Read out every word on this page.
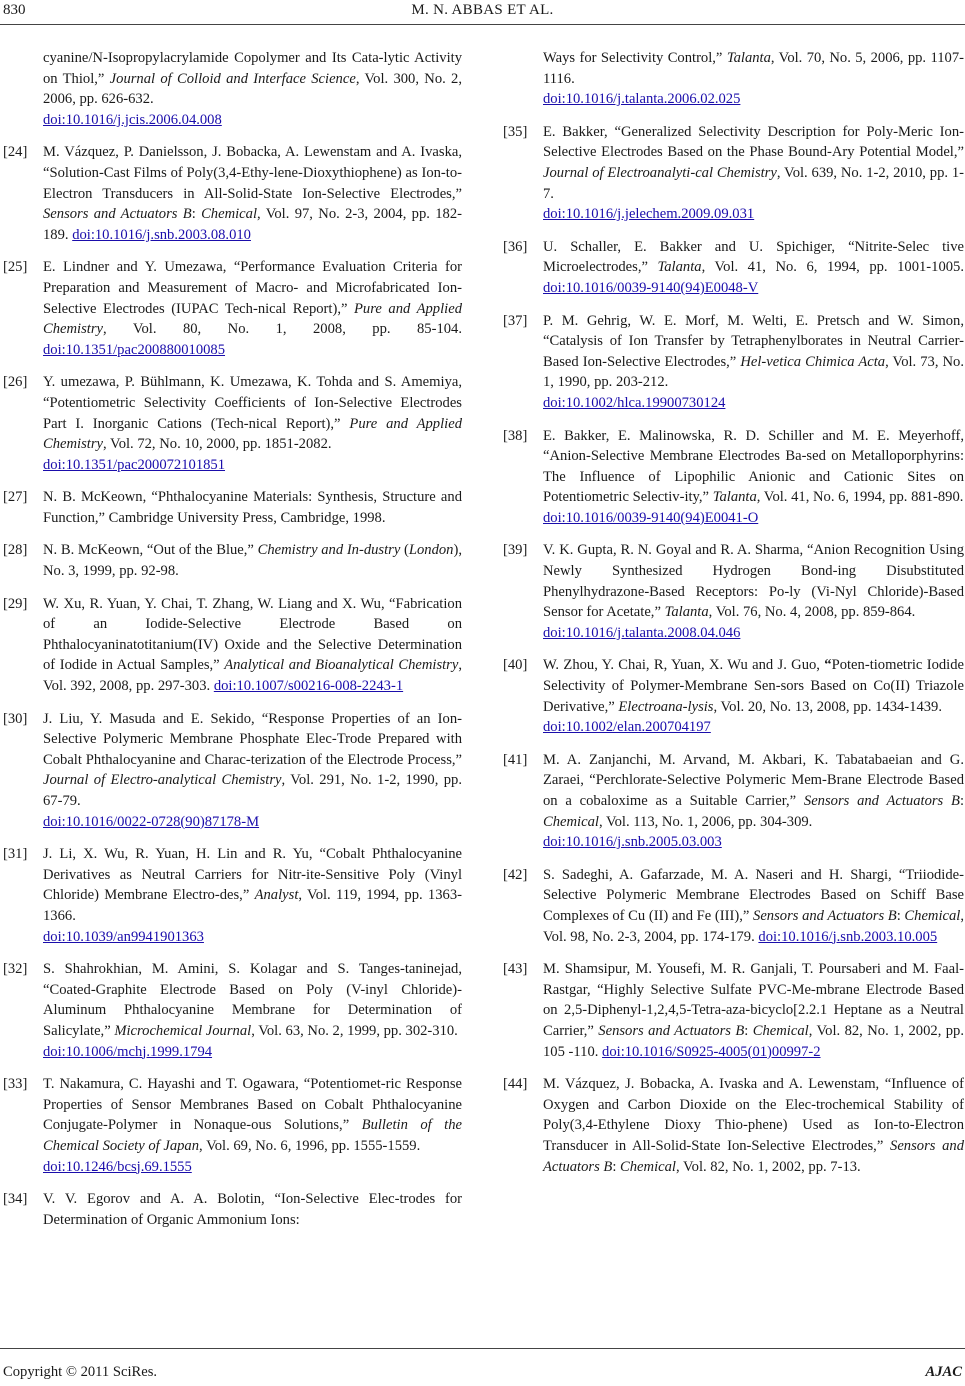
830	M. N. ABBAS ET AL.
cyanine/N-Isopropylacrylamide Copolymer and Its Cata-lytic Activity on Thiol,” Journal of Colloid and Interface Science, Vol. 300, No. 2, 2006, pp. 626-632.
doi:10.1016/j.jcis.2006.04.008
[24] M. Vázquez, P. Danielsson, J. Bobacka, A. Lewenstam and A. Ivaska, “Solution-Cast Films of Poly(3,4-Ethy-lene-Dioxythiophene) as Ion-to-Electron Transducers in All-Solid-State Ion-Selective Electrodes,” Sensors and Actuators B: Chemical, Vol. 97, No. 2-3, 2004, pp. 182-189. doi:10.1016/j.snb.2003.08.010
[25] E. Lindner and Y. Umezawa, “Performance Evaluation Criteria for Preparation and Measurement of Macro- and Microfabricated Ion-Selective Electrodes (IUPAC Tech-nical Report),” Pure and Applied Chemistry, Vol. 80, No. 1, 2008, pp. 85-104. doi:10.1351/pac200880010085
[26] Y. umezawa, P. Bühlmann, K. Umezawa, K. Tohda and S. Amemiya, “Potentiometric Selectivity Coefficients of Ion-Selective Electrodes Part I. Inorganic Cations (Tech-nical Report),” Pure and Applied Chemistry, Vol. 72, No. 10, 2000, pp. 1851-2082.
doi:10.1351/pac200072101851
[27] N. B. McKeown, “Phthalocyanine Materials: Synthesis, Structure and Function,” Cambridge University Press, Cambridge, 1998.
[28] N. B. McKeown, “Out of the Blue,” Chemistry and In-dustry (London), No. 3, 1999, pp. 92-98.
[29] W. Xu, R. Yuan, Y. Chai, T. Zhang, W. Liang and X. Wu, “Fabrication of an Iodide-Selective Electrode Based on Phthalocyaninatotitanium(IV) Oxide and the Selective Determination of Iodide in Actual Samples,” Analytical and Bioanalytical Chemistry, Vol. 392, 2008, pp. 297-303. doi:10.1007/s00216-008-2243-1
[30] J. Liu, Y. Masuda and E. Sekido, “Response Properties of an Ion-Selective Polymeric Membrane Phosphate Elec-Trode Prepared with Cobalt Phthalocyanine and Charac-terization of the Electrode Process,” Journal of Electro-analytical Chemistry, Vol. 291, No. 1-2, 1990, pp. 67-79.
doi:10.1016/0022-0728(90)87178-M
[31] J. Li, X. Wu, R. Yuan, H. Lin and R. Yu, “Cobalt Phthalocyanine Derivatives as Neutral Carriers for Nitr-ite-Sensitive Poly (Vinyl Chloride) Membrane Electro-des,” Analyst, Vol. 119, 1994, pp. 1363-1366.
doi:10.1039/an9941901363
[32] S. Shahrokhian, M. Amini, S. Kolagar and S. Tanges-taninejad, “Coated-Graphite Electrode Based on Poly (V-inyl Chloride)-Aluminum Phthalocyanine Membrane for Determination of Salicylate,” Microchemical Journal, Vol. 63, No. 2, 1999, pp. 302-310.
doi:10.1006/mchj.1999.1794
[33] T. Nakamura, C. Hayashi and T. Ogawara, “Potentiomet-ric Response Properties of Sensor Membranes Based on Cobalt Phthalocyanine Conjugate-Polymer in Nonaque-ous Solutions,” Bulletin of the Chemical Society of Japan, Vol. 69, No. 6, 1996, pp. 1555-1559.
doi:10.1246/bcsj.69.1555
[34] V. V. Egorov and A. A. Bolotin, “Ion-Selective Elec-trodes for Determination of Organic Ammonium Ions:
Ways for Selectivity Control,” Talanta, Vol. 70, No. 5, 2006, pp. 1107-1116.
doi:10.1016/j.talanta.2006.02.025
[35] E. Bakker, “Generalized Selectivity Description for Poly-Meric Ion-Selective Electrodes Based on the Phase Bound-Ary Potential Model,” Journal of Electroanalyti-cal Chemistry, Vol. 639, No. 1-2, 2010, pp. 1-7.
doi:10.1016/j.jelechem.2009.09.031
[36] U. Schaller, E. Bakker and U. Spichiger, “Nitrite-Selec tive Microelectrodes,” Talanta, Vol. 41, No. 6, 1994, pp. 1001-1005. doi:10.1016/0039-9140(94)E0048-V
[37] P. M. Gehrig, W. E. Morf, M. Welti, E. Pretsch and W. Simon, “Catalysis of Ion Transfer by Tetraphenylborates in Neutral Carrier-Based Ion-Selective Electrodes,” Hel-vetica Chimica Acta, Vol. 73, No. 1, 1990, pp. 203-212.
doi:10.1002/hlca.19900730124
[38] E. Bakker, E. Malinowska, R. D. Schiller and M. E. Meyerhoff, “Anion-Selective Membrane Electrodes Ba-sed on Metalloporphyrins: The Influence of Lipophilic Anionic and Cationic Sites on Potentiometric Selectiv-ity,” Talanta, Vol. 41, No. 6, 1994, pp. 881-890.
doi:10.1016/0039-9140(94)E0041-O
[39] V. K. Gupta, R. N. Goyal and R. A. Sharma, “Anion Recognition Using Newly Synthesized Hydrogen Bond-ing Disubstituted Phenylhydrazone-Based Receptors: Po-ly (Vi-Nyl Chloride)-Based Sensor for Acetate,” Talanta, Vol. 76, No. 4, 2008, pp. 859-864.
doi:10.1016/j.talanta.2008.04.046
[40] W. Zhou, Y. Chai, R, Yuan, X. Wu and J. Guo, “Poten-tiometric Iodide Selectivity of Polymer-Membrane Sen-sors Based on Co(II) Triazole Derivative,” Electroana-lysis, Vol. 20, No. 13, 2008, pp. 1434-1439.
doi:10.1002/elan.200704197
[41] M. A. Zanjanchi, M. Arvand, M. Akbari, K. Tabatabaeian and G. Zaraei, “Perchlorate-Selective Polymeric Mem-Brane Electrode Based on a cobaloxime as a Suitable Carrier,” Sensors and Actuators B: Chemical, Vol. 113, No. 1, 2006, pp. 304-309.
doi:10.1016/j.snb.2005.03.003
[42] S. Sadeghi, A. Gafarzade, M. A. Naseri and H. Shargi, “Triiodide-Selective Polymeric Membrane Electrodes Based on Schiff Base Complexes of Cu (II) and Fe (III),” Sensors and Actuators B: Chemical, Vol. 98, No. 2-3, 2004, pp. 174-179. doi:10.1016/j.snb.2003.10.005
[43] M. Shamsipur, M. Yousefi, M. R. Ganjali, T. Poursaberi and M. Faal-Rastgar, “Highly Selective Sulfate PVC-Me-mbrane Electrode Based on 2,5-Diphenyl-1,2,4,5-Tetra-aza-bicyclo[2.2.1 Heptane as a Neutral Carrier,” Sensors and Actuators B: Chemical, Vol. 82, No. 1, 2002, pp. 105 -110. doi:10.1016/S0925-4005(01)00997-2
[44] M. Vázquez, J. Bobacka, A. Ivaska and A. Lewenstam, “Influence of Oxygen and Carbon Dioxide on the Elec-trochemical Stability of Poly(3,4-Ethylene Dioxy Thio-phene) Used as Ion-to-Electron Transducer in All-Solid-State Ion-Selective Electrodes,” Sensors and Actuators B: Chemical, Vol. 82, No. 1, 2002, pp. 7-13.
Copyright © 2011 SciRes.	AJAC
